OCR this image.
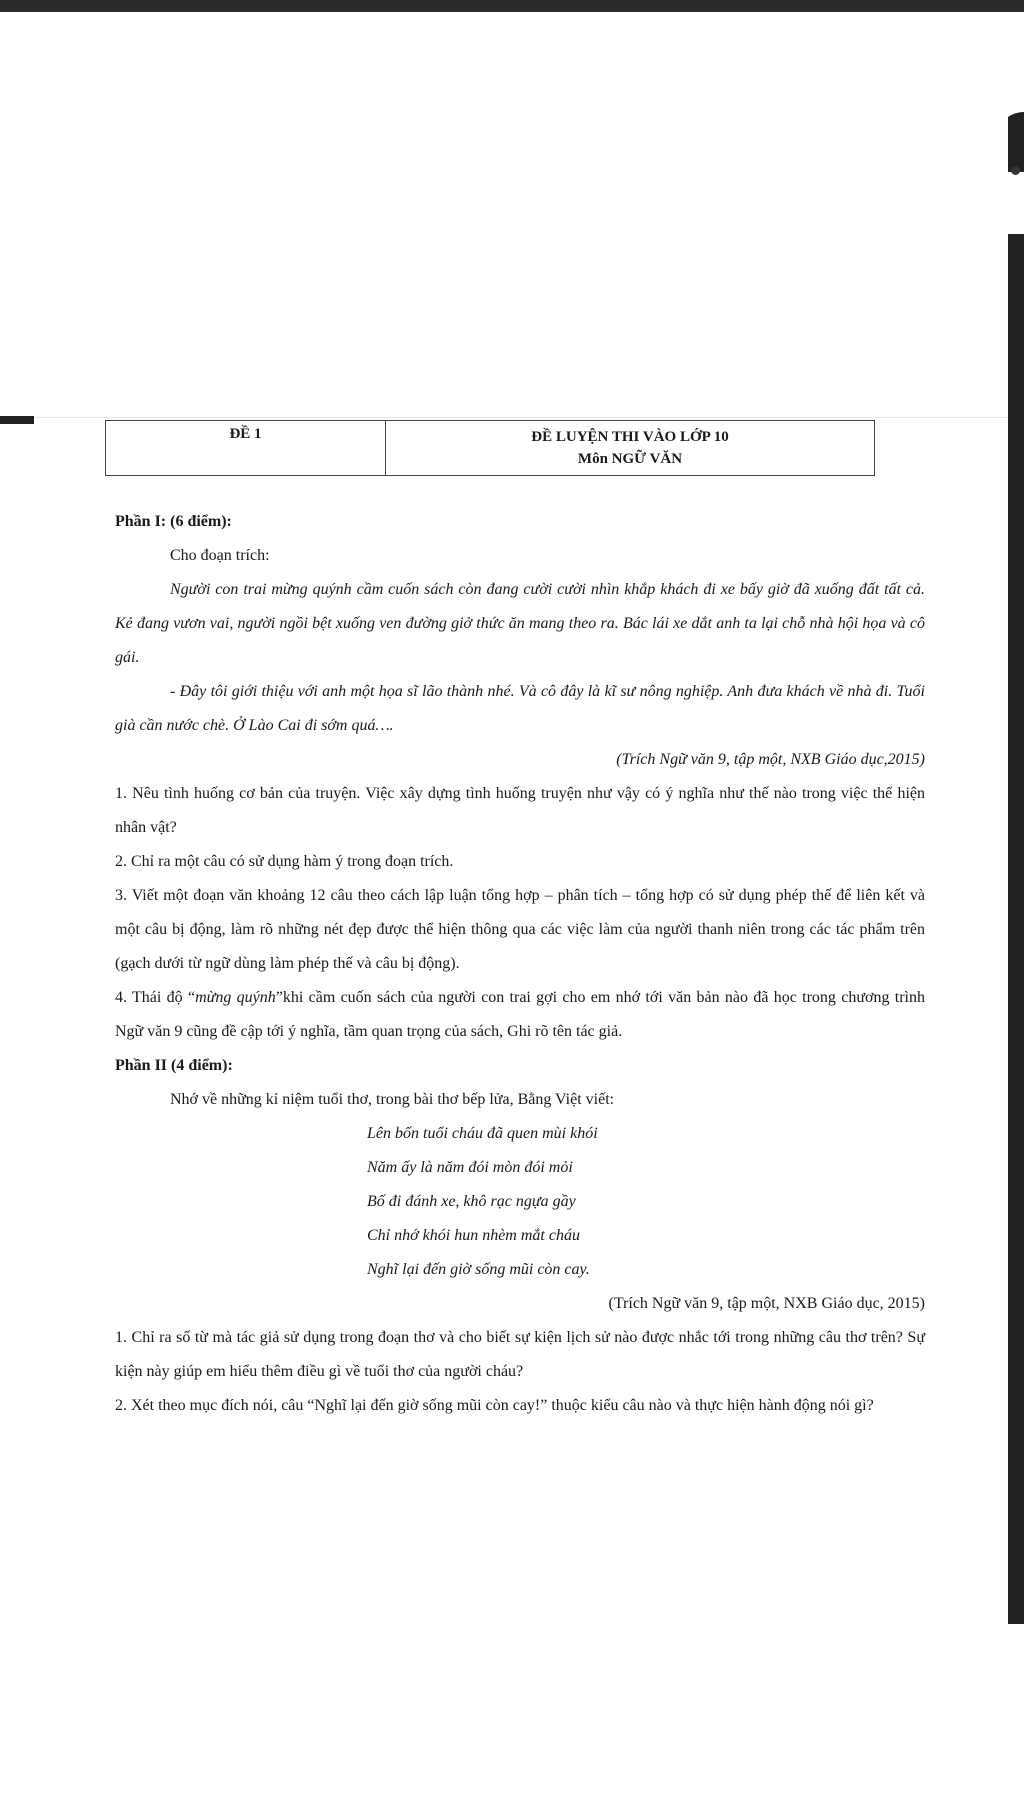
ĐỀ 1	ĐỀ LUYỆN THI VÀO LỚP 10
Môn NGỮ VĂN

Phần I: (6 điểm):

Cho đoạn trích:

Người con trai mừng quýnh cầm cuốn sách còn đang cười cười nhìn khắp khách đi xe bấy giờ đã xuống đất tất cả. Kẻ đang vươn vai, người ngồi bệt xuống ven đường giở thức ăn mang theo ra. Bác lái xe dắt anh ta lại chỗ nhà hội họa và cô gái.

- Đây tôi giới thiệu với anh một họa sĩ lão thành nhé. Và cô đây là kĩ sư nông nghiệp. Anh đưa khách về nhà đi. Tuổi già cần nước chè. Ở Lào Cai đi sớm quá….

(Trích Ngữ văn 9, tập một, NXB Giáo dục,2015)

1. Nêu tình huống cơ bản của truyện. Việc xây dựng tình huống truyện như vậy có ý nghĩa như thế nào trong việc thể hiện nhân vật?

2. Chỉ ra một câu có sử dụng hàm ý trong đoạn trích.

3. Viết một đoạn văn khoảng 12 câu theo cách lập luận tổng hợp – phân tích – tổng hợp có sử dụng phép thế để liên kết và một câu bị động, làm rõ những nét đẹp được thể hiện thông qua các việc làm của người thanh niên trong các tác phẩm trên (gạch dưới từ ngữ dùng làm phép thế và câu bị động).

4. Thái độ “mừng quýnh”khi cầm cuốn sách của người con trai gợi cho em nhớ tới văn bản nào đã học trong chương trình Ngữ văn 9 cũng đề cập tới ý nghĩa, tầm quan trọng của sách, Ghi rõ tên tác giả.

Phần II (4 điểm):

Nhớ về những kỉ niệm tuổi thơ, trong bài thơ bếp lửa, Bằng Việt viết:

Lên bốn tuổi cháu đã quen mùi khói

Năm ấy là năm đói mòn đói mỏi

Bố đi đánh xe, khô rạc ngựa gầy

Chỉ nhớ khói hun nhèm mắt cháu

Nghĩ lại đến giờ sống mũi còn cay.

(Trích Ngữ văn 9, tập một, NXB Giáo dục, 2015)

1. Chỉ ra số từ mà tác giả sử dụng trong đoạn thơ và cho biết sự kiện lịch sử nào được nhắc tới trong những câu thơ trên? Sự kiện này giúp em hiểu thêm điều gì về tuổi thơ của người cháu?

2. Xét theo mục đích nói, câu “Nghĩ lại đến giờ sống mũi còn cay!” thuộc kiểu câu nào và thực hiện hành động nói gì?
